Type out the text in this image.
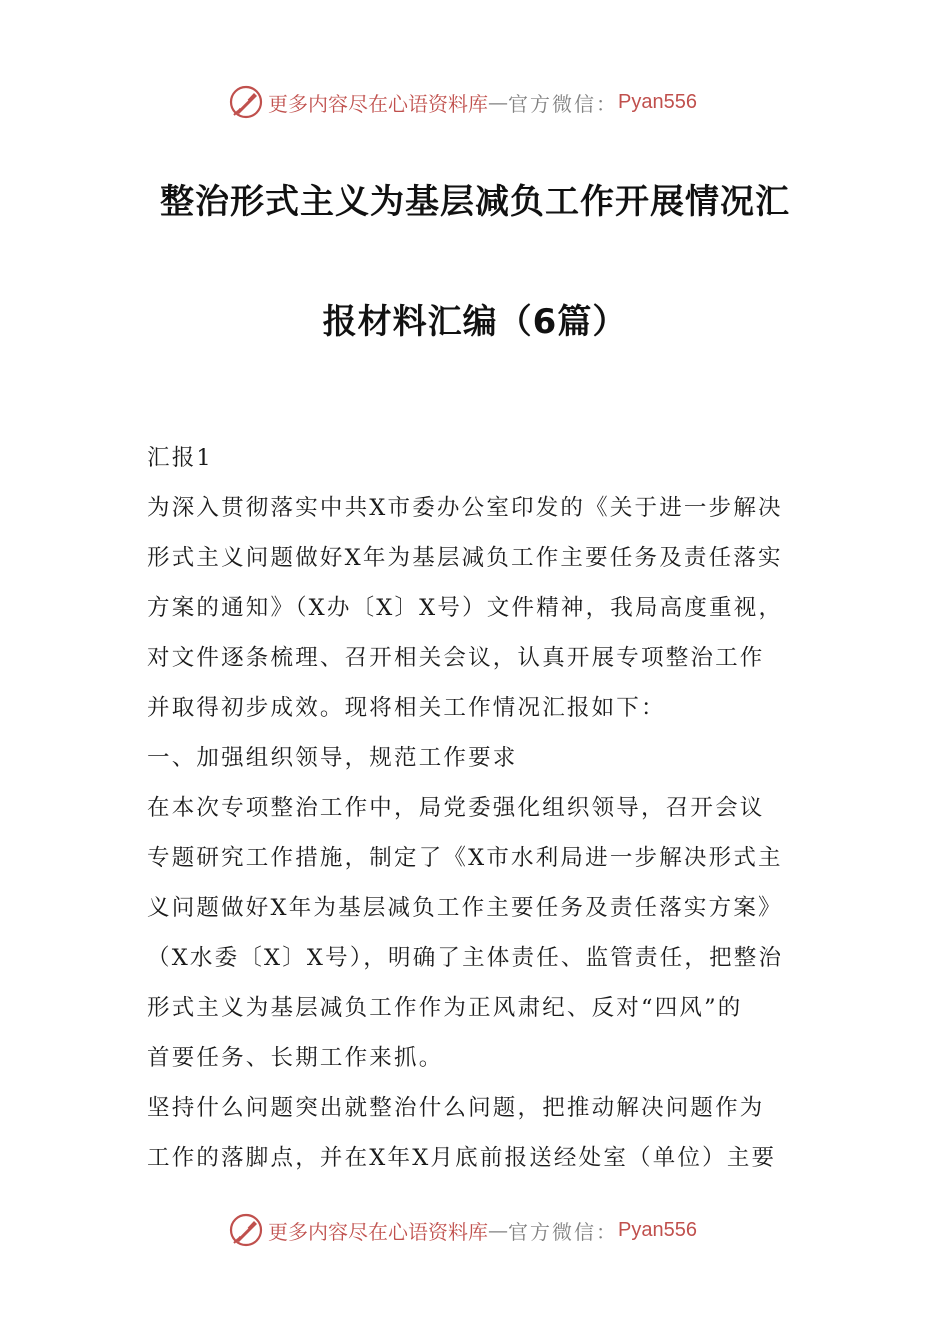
更多内容尽在心语资料库 — 官方微信： Pyan556
整治形式主义为基层减负工作开展情况汇
报材料汇编（6篇）
汇报1
为深入贯彻落实中共X市委办公室印发的《关于进一步解决
形式主义问题做好X年为基层减负工作主要任务及责任落实
方案的通知》（X办〔X〕X号）文件精神，我局高度重视，
对文件逐条梳理、召开相关会议，认真开展专项整治工作
并取得初步成效。现将相关工作情况汇报如下：
一、加强组织领导，规范工作要求
在本次专项整治工作中，局党委强化组织领导，召开会议
专题研究工作措施，制定了《X市水利局进一步解决形式主
义问题做好X年为基层减负工作主要任务及责任落实方案》
（X水委〔X〕X号），明确了主体责任、监管责任，把整治
形式主义为基层减负工作作为正风肃纪、反对“四风”的
首要任务、长期工作来抓。
坚持什么问题突出就整治什么问题，把推动解决问题作为
工作的落脚点，并在X年X月底前报送经处室（单位）主要
更多内容尽在心语资料库 — 官方微信： Pyan556
